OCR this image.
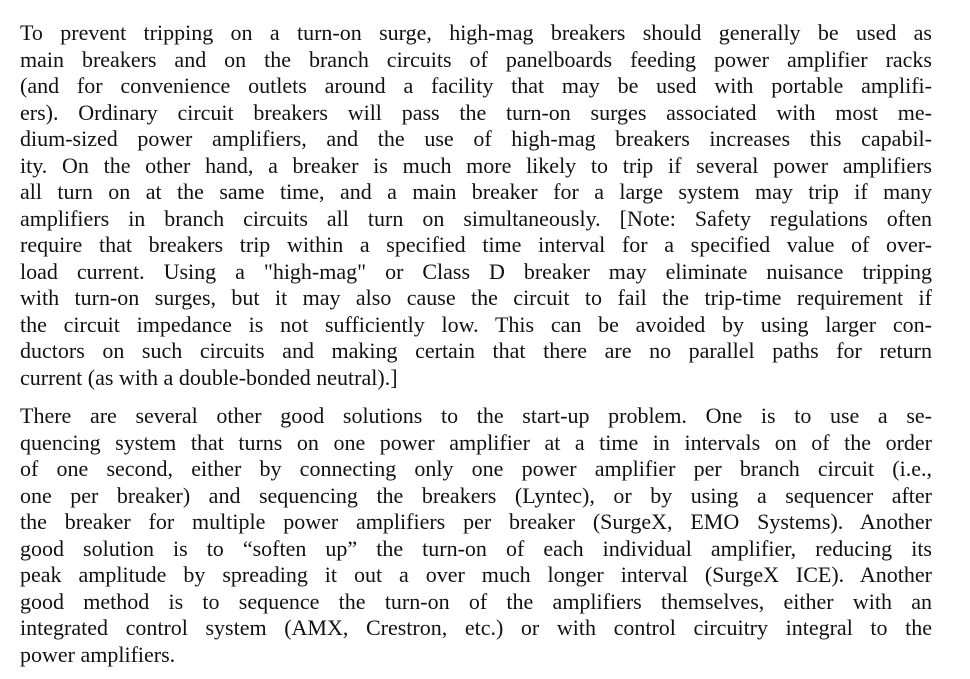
To prevent tripping on a turn-on surge, high-mag breakers should generally be used as
main breakers and on the branch circuits of panelboards feeding power amplifier racks
(and for convenience outlets around a facility that may be used with portable amplifi-
ers). Ordinary circuit breakers will pass the turn-on surges associated with most me-
dium-sized power amplifiers, and the use of high-mag breakers increases this capabil-
ity. On the other hand, a breaker is much more likely to trip if several power amplifiers
all turn on at the same time, and a main breaker for a large system may trip if many
amplifiers in branch circuits all turn on simultaneously. [Note: Safety regulations often
require that breakers trip within a specified time interval for a specified value of over-
load current. Using a "high-mag" or Class D breaker may eliminate nuisance tripping
with turn-on surges, but it may also cause the circuit to fail the trip-time requirement if
the circuit impedance is not sufficiently low. This can be avoided by using larger con-
ductors on such circuits and making certain that there are no parallel paths for return
current (as with a double-bonded neutral).]
There are several other good solutions to the start-up problem. One is to use a se-
quencing system that turns on one power amplifier at a time in intervals on of the order
of one second, either by connecting only one power amplifier per branch circuit (i.e.,
one per breaker) and sequencing the breakers (Lyntec), or by using a sequencer after
the breaker for multiple power amplifiers per breaker (SurgeX, EMO Systems). Another
good solution is to “soften up” the turn-on of each individual amplifier, reducing its
peak amplitude by spreading it out a over much longer interval (SurgeX ICE). Another
good method is to sequence the turn-on of the amplifiers themselves, either with an
integrated control system (AMX, Crestron, etc.) or with control circuitry integral to the
power amplifiers.
